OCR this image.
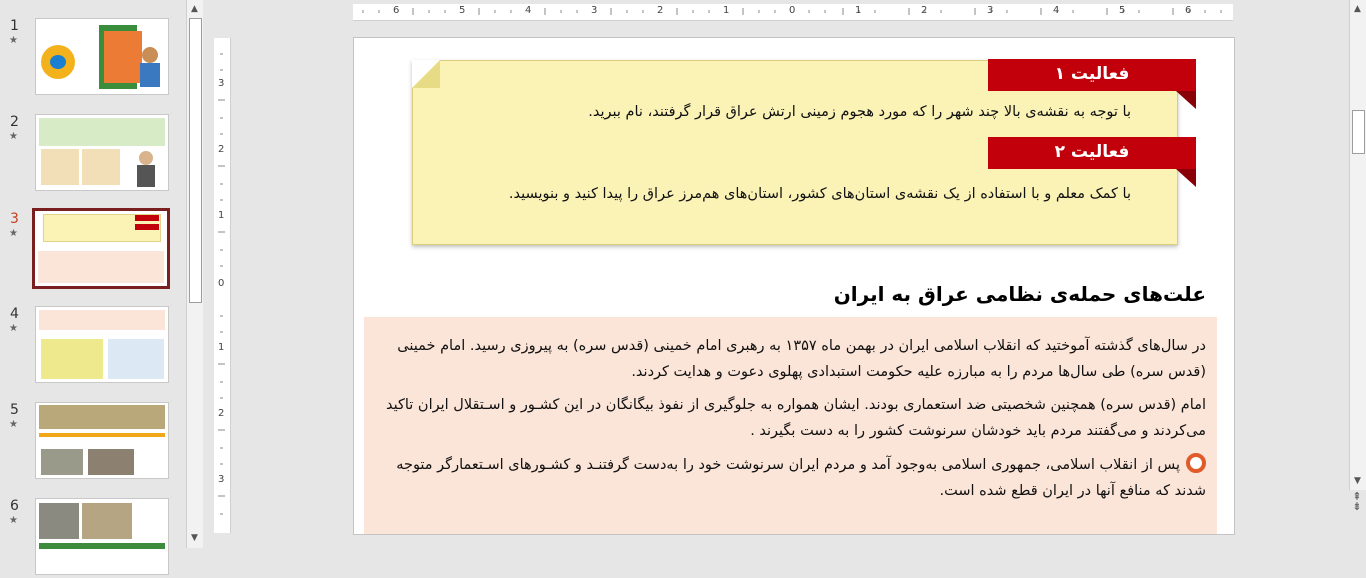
1
★
2
★
3
★
4
★
5
★
6
★
▲
▼
6	5	4	3	2	1	0	1	2	3	4	5	6
3
2
1
0
1
2
3
فعالیت ۱
با توجه به نقشه‌ی بالا چند شهر را که مورد هجوم زمینی ارتش عراق قرار گرفتند، نام ببرید.
فعالیت ۲
با کمک معلم و با استفاده از یک نقشه‌ی استان‌های کشور، استان‌های هم‌مرز عراق را پیدا کنید و بنویسید.
علت‌های حمله‌ی نظامی عراق به ایران
در سال‌های گذشته آموختید که انقلاب اسلامی ایران در بهمن ماه ۱۳۵۷ به رهبری امام خمینی (قدس سره) به پیروزی رسید. امام خمینی (قدس سره) طی سال‌ها مردم را به مبارزه علیه حکومت استبدادی پهلوی دعوت و هدایت کردند.
امام (قدس سره) همچنین شخصیتی ضد استعماری بودند. ایشان همواره به جلوگیری از نفوذ بیگانگان در این کشـور و اسـتقلال ایران تاکید می‌کردند و می‌گفتند مردم باید خودشان سرنوشت کشور را به دست بگیرند .
پس از انقلاب اسلامی، جمهوری اسلامی به‌وجود آمد و مردم ایران سرنوشت خود را به‌دست گرفتنـد و کشـورهای اسـتعمارگر متوجه شدند که منافع آنها در ایران قطع شده است.
▲
▼
⇞
⇟
